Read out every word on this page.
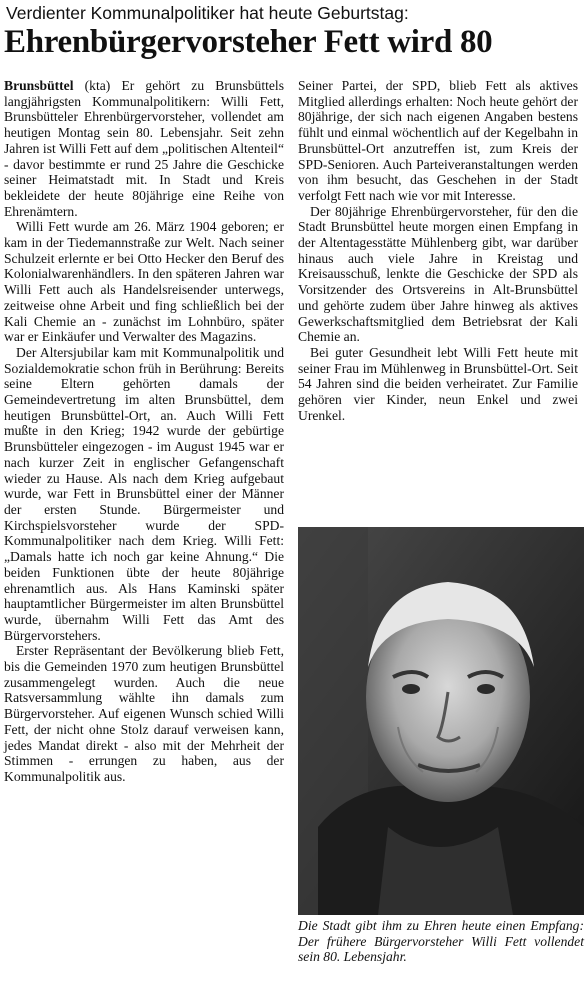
Verdienter Kommunalpolitiker hat heute Geburtstag:
Ehrenbürgervorsteher Fett wird 80

Brunsbüttel (kta) Er gehört zu Brunsbüttels langjährigsten Kommunalpolitikern: Willi Fett, Brunsbütteler Ehrenbürgervorsteher, vollendet am heutigen Montag sein 80. Lebensjahr. Seit zehn Jahren ist Willi Fett auf dem „politischen Altenteil“ - davor bestimmte er rund 25 Jahre die Geschicke seiner Heimatstadt mit. In Stadt und Kreis bekleidete der heute 80jährige eine Reihe von Ehrenämtern.

Willi Fett wurde am 26. März 1904 geboren; er kam in der Tiedemannstraße zur Welt. Nach seiner Schulzeit erlernte er bei Otto Hecker den Beruf des Kolonialwarenhändlers. In den späteren Jahren war Willi Fett auch als Handelsreisender unterwegs, zeitweise ohne Arbeit und fing schließlich bei der Kali Chemie an - zunächst im Lohnbüro, später war er Einkäufer und Verwalter des Magazins.

Der Altersjubilar kam mit Kommunalpolitik und Sozialdemokratie schon früh in Berührung: Bereits seine Eltern gehörten damals der Gemeindevertretung im alten Brunsbüttel, dem heutigen Brunsbüttel-Ort, an. Auch Willi Fett mußte in den Krieg; 1942 wurde der gebürtige Brunsbütteler eingezogen - im August 1945 war er nach kurzer Zeit in englischer Gefangenschaft wieder zu Hause. Als nach dem Krieg aufgebaut wurde, war Fett in Brunsbüttel einer der Männer der ersten Stunde. Bürgermeister und Kirchspielsvorsteher wurde der SPD-Kommunalpolitiker nach dem Krieg. Willi Fett: „Damals hatte ich noch gar keine Ahnung.“ Die beiden Funktionen übte der heute 80jährige ehrenamtlich aus. Als Hans Kaminski später hauptamtlicher Bürgermeister im alten Brunsbüttel wurde, übernahm Willi Fett das Amt des Bürgervorstehers.

Erster Repräsentant der Bevölkerung blieb Fett, bis die Gemeinden 1970 zum heutigen Brunsbüttel zusammengelegt wurden. Auch die neue Ratsversammlung wählte ihn damals zum Bürgervorsteher. Auf eigenen Wunsch schied Willi Fett, der nicht ohne Stolz darauf verweisen kann, jedes Mandat direkt - also mit der Mehrheit der Stimmen - errungen zu haben, aus der Kommunalpolitik aus.

Seiner Partei, der SPD, blieb Fett als aktives Mitglied allerdings erhalten: Noch heute gehört der 80jährige, der sich nach eigenen Angaben bestens fühlt und einmal wöchentlich auf der Kegelbahn in Brunsbüttel-Ort anzutreffen ist, zum Kreis der SPD-Senioren. Auch Parteiveranstaltungen werden von ihm besucht, das Geschehen in der Stadt verfolgt Fett nach wie vor mit Interesse.

Der 80jährige Ehrenbürgervorsteher, für den die Stadt Brunsbüttel heute morgen einen Empfang in der Altentagesstätte Mühlenberg gibt, war darüber hinaus auch viele Jahre in Kreistag und Kreisausschuß, lenkte die Geschicke der SPD als Vorsitzender des Ortsvereins in Alt-Brunsbüttel und gehörte zudem über Jahre hinweg als aktives Gewerkschaftsmitglied dem Betriebsrat der Kali Chemie an.

Bei guter Gesundheit lebt Willi Fett heute mit seiner Frau im Mühlenweg in Brunsbüttel-Ort. Seit 54 Jahren sind die beiden verheiratet. Zur Familie gehören vier Kinder, neun Enkel und zwei Urenkel.

Die Stadt gibt ihm zu Ehren heute einen Empfang: Der frühere Bürgervorsteher Willi Fett vollendet sein 80. Lebensjahr.
